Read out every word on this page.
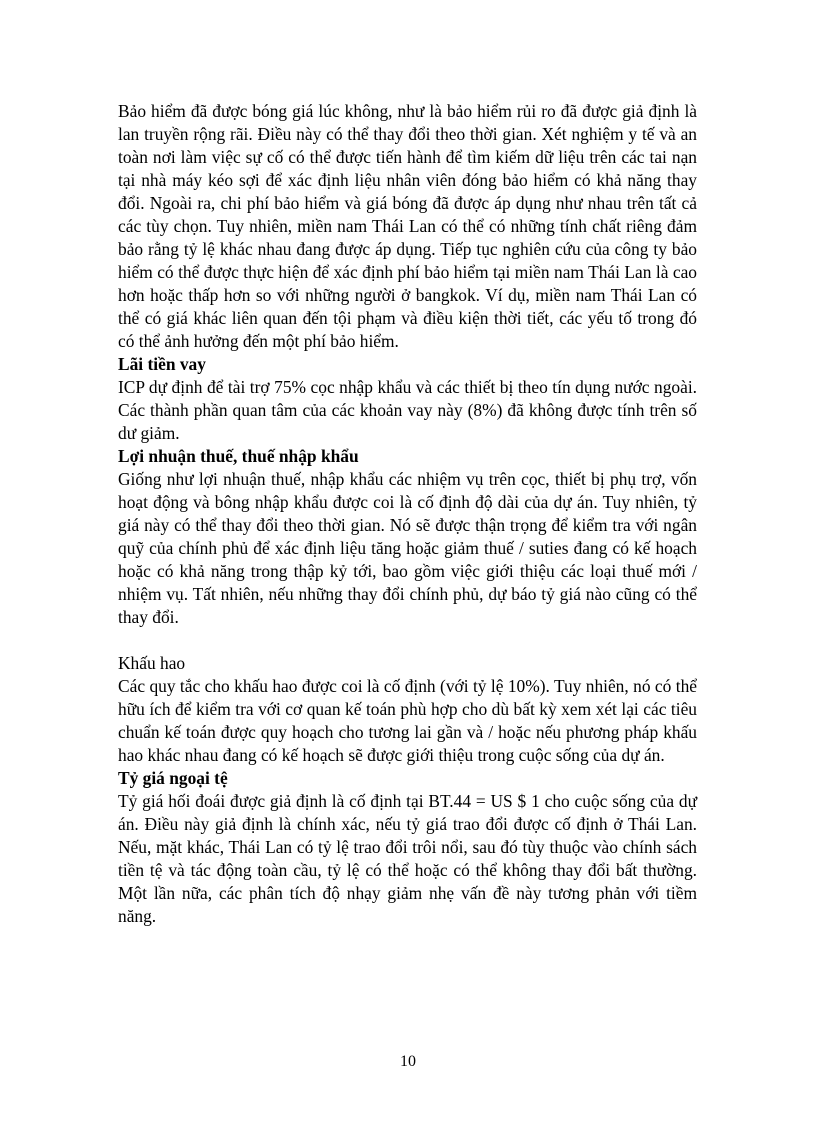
Bảo hiểm đã được bóng giá lúc không, như là bảo hiểm rủi ro đã được giả định là lan truyền rộng rãi. Điều này có thể thay đổi theo thời gian. Xét nghiệm y tế và an toàn nơi làm việc sự cố có thể được tiến hành để tìm kiếm dữ liệu trên các tai nạn tại nhà máy kéo sợi để xác định liệu nhân viên đóng bảo hiểm có khả năng thay đổi. Ngoài ra, chi phí bảo hiểm và giá bóng đã được áp dụng như nhau trên tất cả các tùy chọn. Tuy nhiên, miền nam Thái Lan có thể có những tính chất riêng đảm bảo rằng tỷ lệ khác nhau đang được áp dụng. Tiếp tục nghiên cứu của công ty bảo hiểm có thể được thực hiện để xác định phí bảo hiểm tại miền nam Thái Lan là cao hơn hoặc thấp hơn so với những người ở bangkok. Ví dụ, miền nam Thái Lan có thể có giá khác liên quan đến tội phạm và điều kiện thời tiết, các yếu tố trong đó có thể ảnh hưởng đến một phí bảo hiểm.

Lãi tiền vay

ICP dự định để tài trợ 75% cọc nhập khẩu và các thiết bị theo tín dụng nước ngoài. Các thành phần quan tâm của các khoản vay này (8%) đã không được tính trên số dư giảm.

Lợi nhuận thuế, thuế nhập khẩu

Giống như lợi nhuận thuế, nhập khẩu các nhiệm vụ trên cọc, thiết bị phụ trợ, vốn hoạt động và bông nhập khẩu được coi là cố định độ dài của dự án. Tuy nhiên, tỷ giá này có thể thay đổi theo thời gian. Nó sẽ được thận trọng để kiểm tra với ngân quỹ của chính phủ để xác định liệu tăng hoặc giảm thuế / suties đang có kế hoạch hoặc có khả năng trong thập kỷ tới, bao gồm việc giới thiệu các loại thuế mới / nhiệm vụ. Tất nhiên, nếu những thay đổi chính phủ, dự báo tỷ giá nào cũng có thể thay đổi.

Khấu hao

Các quy tắc cho khấu hao được coi là cố định (với tỷ lệ 10%). Tuy nhiên, nó có thể hữu ích để kiểm tra với cơ quan kế toán phù hợp cho dù bất kỳ xem xét lại các tiêu chuẩn kế toán được quy hoạch cho tương lai gần và / hoặc nếu phương pháp khấu hao khác nhau đang có kế hoạch sẽ được giới thiệu trong cuộc sống của dự án.

Tỷ giá ngoại tệ

Tỷ giá hối đoái được giả định là cố định tại BT.44 = US $ 1 cho cuộc sống của dự án. Điều này giả định là chính xác, nếu tỷ giá trao đổi được cố định ở Thái Lan. Nếu, mặt khác, Thái Lan có tỷ lệ trao đổi trôi nổi, sau đó tùy thuộc vào chính sách tiền tệ và tác động toàn cầu, tỷ lệ có thể hoặc có thể không thay đổi bất thường. Một lần nữa, các phân tích độ nhạy giảm nhẹ vấn đề này tương phản với tiềm năng.

10
